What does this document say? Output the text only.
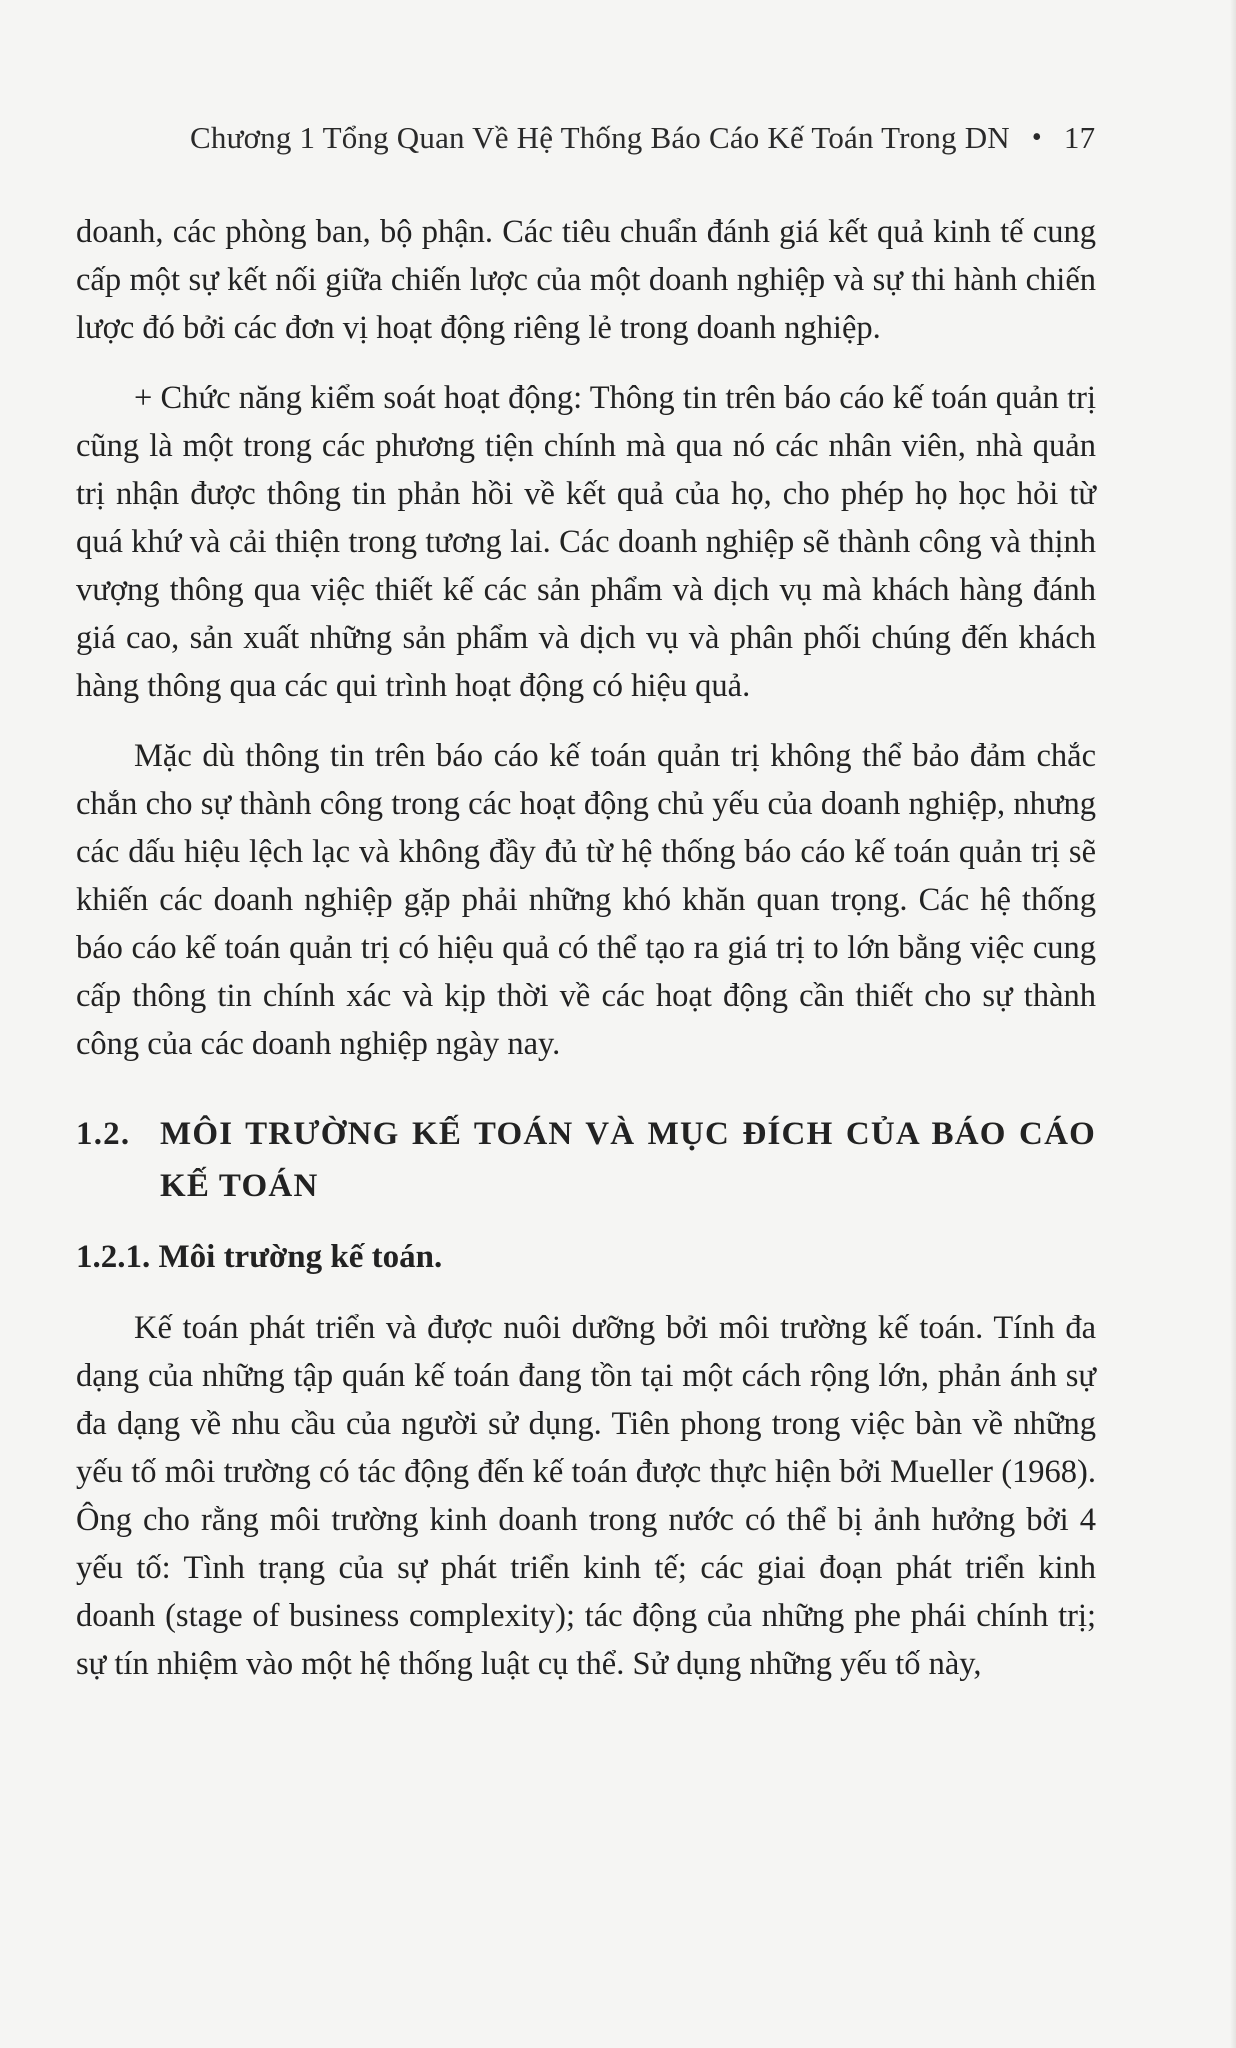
Chương 1 Tổng Quan Về Hệ Thống Báo Cáo Kế Toán Trong DN • 17

doanh, các phòng ban, bộ phận. Các tiêu chuẩn đánh giá kết quả kinh tế cung cấp một sự kết nối giữa chiến lược của một doanh nghiệp và sự thi hành chiến lược đó bởi các đơn vị hoạt động riêng lẻ trong doanh nghiệp.

+ Chức năng kiểm soát hoạt động: Thông tin trên báo cáo kế toán quản trị cũng là một trong các phương tiện chính mà qua nó các nhân viên, nhà quản trị nhận được thông tin phản hồi về kết quả của họ, cho phép họ học hỏi từ quá khứ và cải thiện trong tương lai. Các doanh nghiệp sẽ thành công và thịnh vượng thông qua việc thiết kế các sản phẩm và dịch vụ mà khách hàng đánh giá cao, sản xuất những sản phẩm và dịch vụ và phân phối chúng đến khách hàng thông qua các qui trình hoạt động có hiệu quả.

Mặc dù thông tin trên báo cáo kế toán quản trị không thể bảo đảm chắc chắn cho sự thành công trong các hoạt động chủ yếu của doanh nghiệp, nhưng các dấu hiệu lệch lạc và không đầy đủ từ hệ thống báo cáo kế toán quản trị sẽ khiến các doanh nghiệp gặp phải những khó khăn quan trọng. Các hệ thống báo cáo kế toán quản trị có hiệu quả có thể tạo ra giá trị to lớn bằng việc cung cấp thông tin chính xác và kịp thời về các hoạt động cần thiết cho sự thành công của các doanh nghiệp ngày nay.

1.2. MÔI TRƯỜNG KẾ TOÁN VÀ MỤC ĐÍCH CỦA BÁO CÁO KẾ TOÁN
1.2.1. Môi trường kế toán.

Kế toán phát triển và được nuôi dưỡng bởi môi trường kế toán. Tính đa dạng của những tập quán kế toán đang tồn tại một cách rộng lớn, phản ánh sự đa dạng về nhu cầu của người sử dụng. Tiên phong trong việc bàn về những yếu tố môi trường có tác động đến kế toán được thực hiện bởi Mueller (1968). Ông cho rằng môi trường kinh doanh trong nước có thể bị ảnh hưởng bởi 4 yếu tố: Tình trạng của sự phát triển kinh tế; các giai đoạn phát triển kinh doanh (stage of business complexity); tác động của những phe phái chính trị; sự tín nhiệm vào một hệ thống luật cụ thể. Sử dụng những yếu tố này,
